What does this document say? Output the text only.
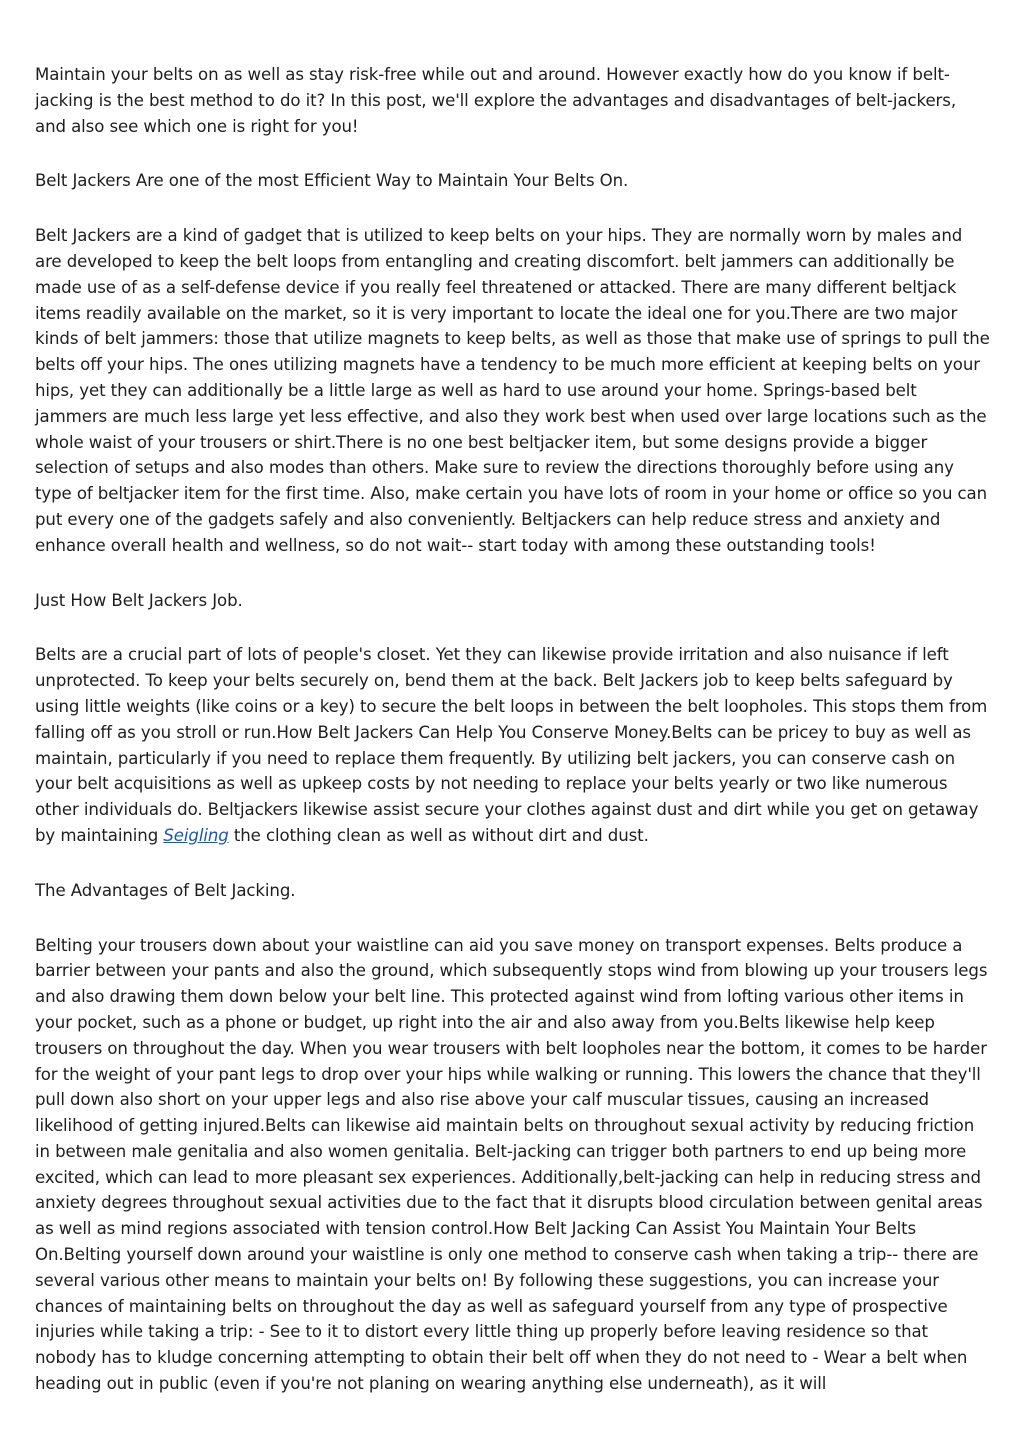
Maintain your belts on as well as stay risk-free while out and around. However exactly how do you know if belt-jacking is the best method to do it? In this post, we'll explore the advantages and disadvantages of belt-jackers, and also see which one is right for you!

Belt Jackers Are one of the most Efficient Way to Maintain Your Belts On.

Belt Jackers are a kind of gadget that is utilized to keep belts on your hips. They are normally worn by males and are developed to keep the belt loops from entangling and creating discomfort. belt jammers can additionally be made use of as a self-defense device if you really feel threatened or attacked. There are many different beltjack items readily available on the market, so it is very important to locate the ideal one for you.There are two major kinds of belt jammers: those that utilize magnets to keep belts, as well as those that make use of springs to pull the belts off your hips. The ones utilizing magnets have a tendency to be much more efficient at keeping belts on your hips, yet they can additionally be a little large as well as hard to use around your home. Springs-based belt jammers are much less large yet less effective, and also they work best when used over large locations such as the whole waist of your trousers or shirt.There is no one best beltjacker item, but some designs provide a bigger selection of setups and also modes than others. Make sure to review the directions thoroughly before using any type of beltjacker item for the first time. Also, make certain you have lots of room in your home or office so you can put every one of the gadgets safely and also conveniently. Beltjackers can help reduce stress and anxiety and enhance overall health and wellness, so do not wait-- start today with among these outstanding tools!

Just How Belt Jackers Job.

Belts are a crucial part of lots of people's closet. Yet they can likewise provide irritation and also nuisance if left unprotected. To keep your belts securely on, bend them at the back. Belt Jackers job to keep belts safeguard by using little weights (like coins or a key) to secure the belt loops in between the belt loopholes. This stops them from falling off as you stroll or run.How Belt Jackers Can Help You Conserve Money.Belts can be pricey to buy as well as maintain, particularly if you need to replace them frequently. By utilizing belt jackers, you can conserve cash on your belt acquisitions as well as upkeep costs by not needing to replace your belts yearly or two like numerous other individuals do. Beltjackers likewise assist secure your clothes against dust and dirt while you get on getaway by maintaining Seigling the clothing clean as well as without dirt and dust.

The Advantages of Belt Jacking.

Belting your trousers down about your waistline can aid you save money on transport expenses. Belts produce a barrier between your pants and also the ground, which subsequently stops wind from blowing up your trousers legs and also drawing them down below your belt line. This protected against wind from lofting various other items in your pocket, such as a phone or budget, up right into the air and also away from you.Belts likewise help keep trousers on throughout the day. When you wear trousers with belt loopholes near the bottom, it comes to be harder for the weight of your pant legs to drop over your hips while walking or running. This lowers the chance that they'll pull down also short on your upper legs and also rise above your calf muscular tissues, causing an increased likelihood of getting injured.Belts can likewise aid maintain belts on throughout sexual activity by reducing friction in between male genitalia and also women genitalia. Belt-jacking can trigger both partners to end up being more excited, which can lead to more pleasant sex experiences. Additionally,belt-jacking can help in reducing stress and anxiety degrees throughout sexual activities due to the fact that it disrupts blood circulation between genital areas as well as mind regions associated with tension control.How Belt Jacking Can Assist You Maintain Your Belts On.Belting yourself down around your waistline is only one method to conserve cash when taking a trip-- there are several various other means to maintain your belts on! By following these suggestions, you can increase your chances of maintaining belts on throughout the day as well as safeguard yourself from any type of prospective injuries while taking a trip: - See to it to distort every little thing up properly before leaving residence so that nobody has to kludge concerning attempting to obtain their belt off when they do not need to - Wear a belt when heading out in public (even if you're not planing on wearing anything else underneath), as it will
